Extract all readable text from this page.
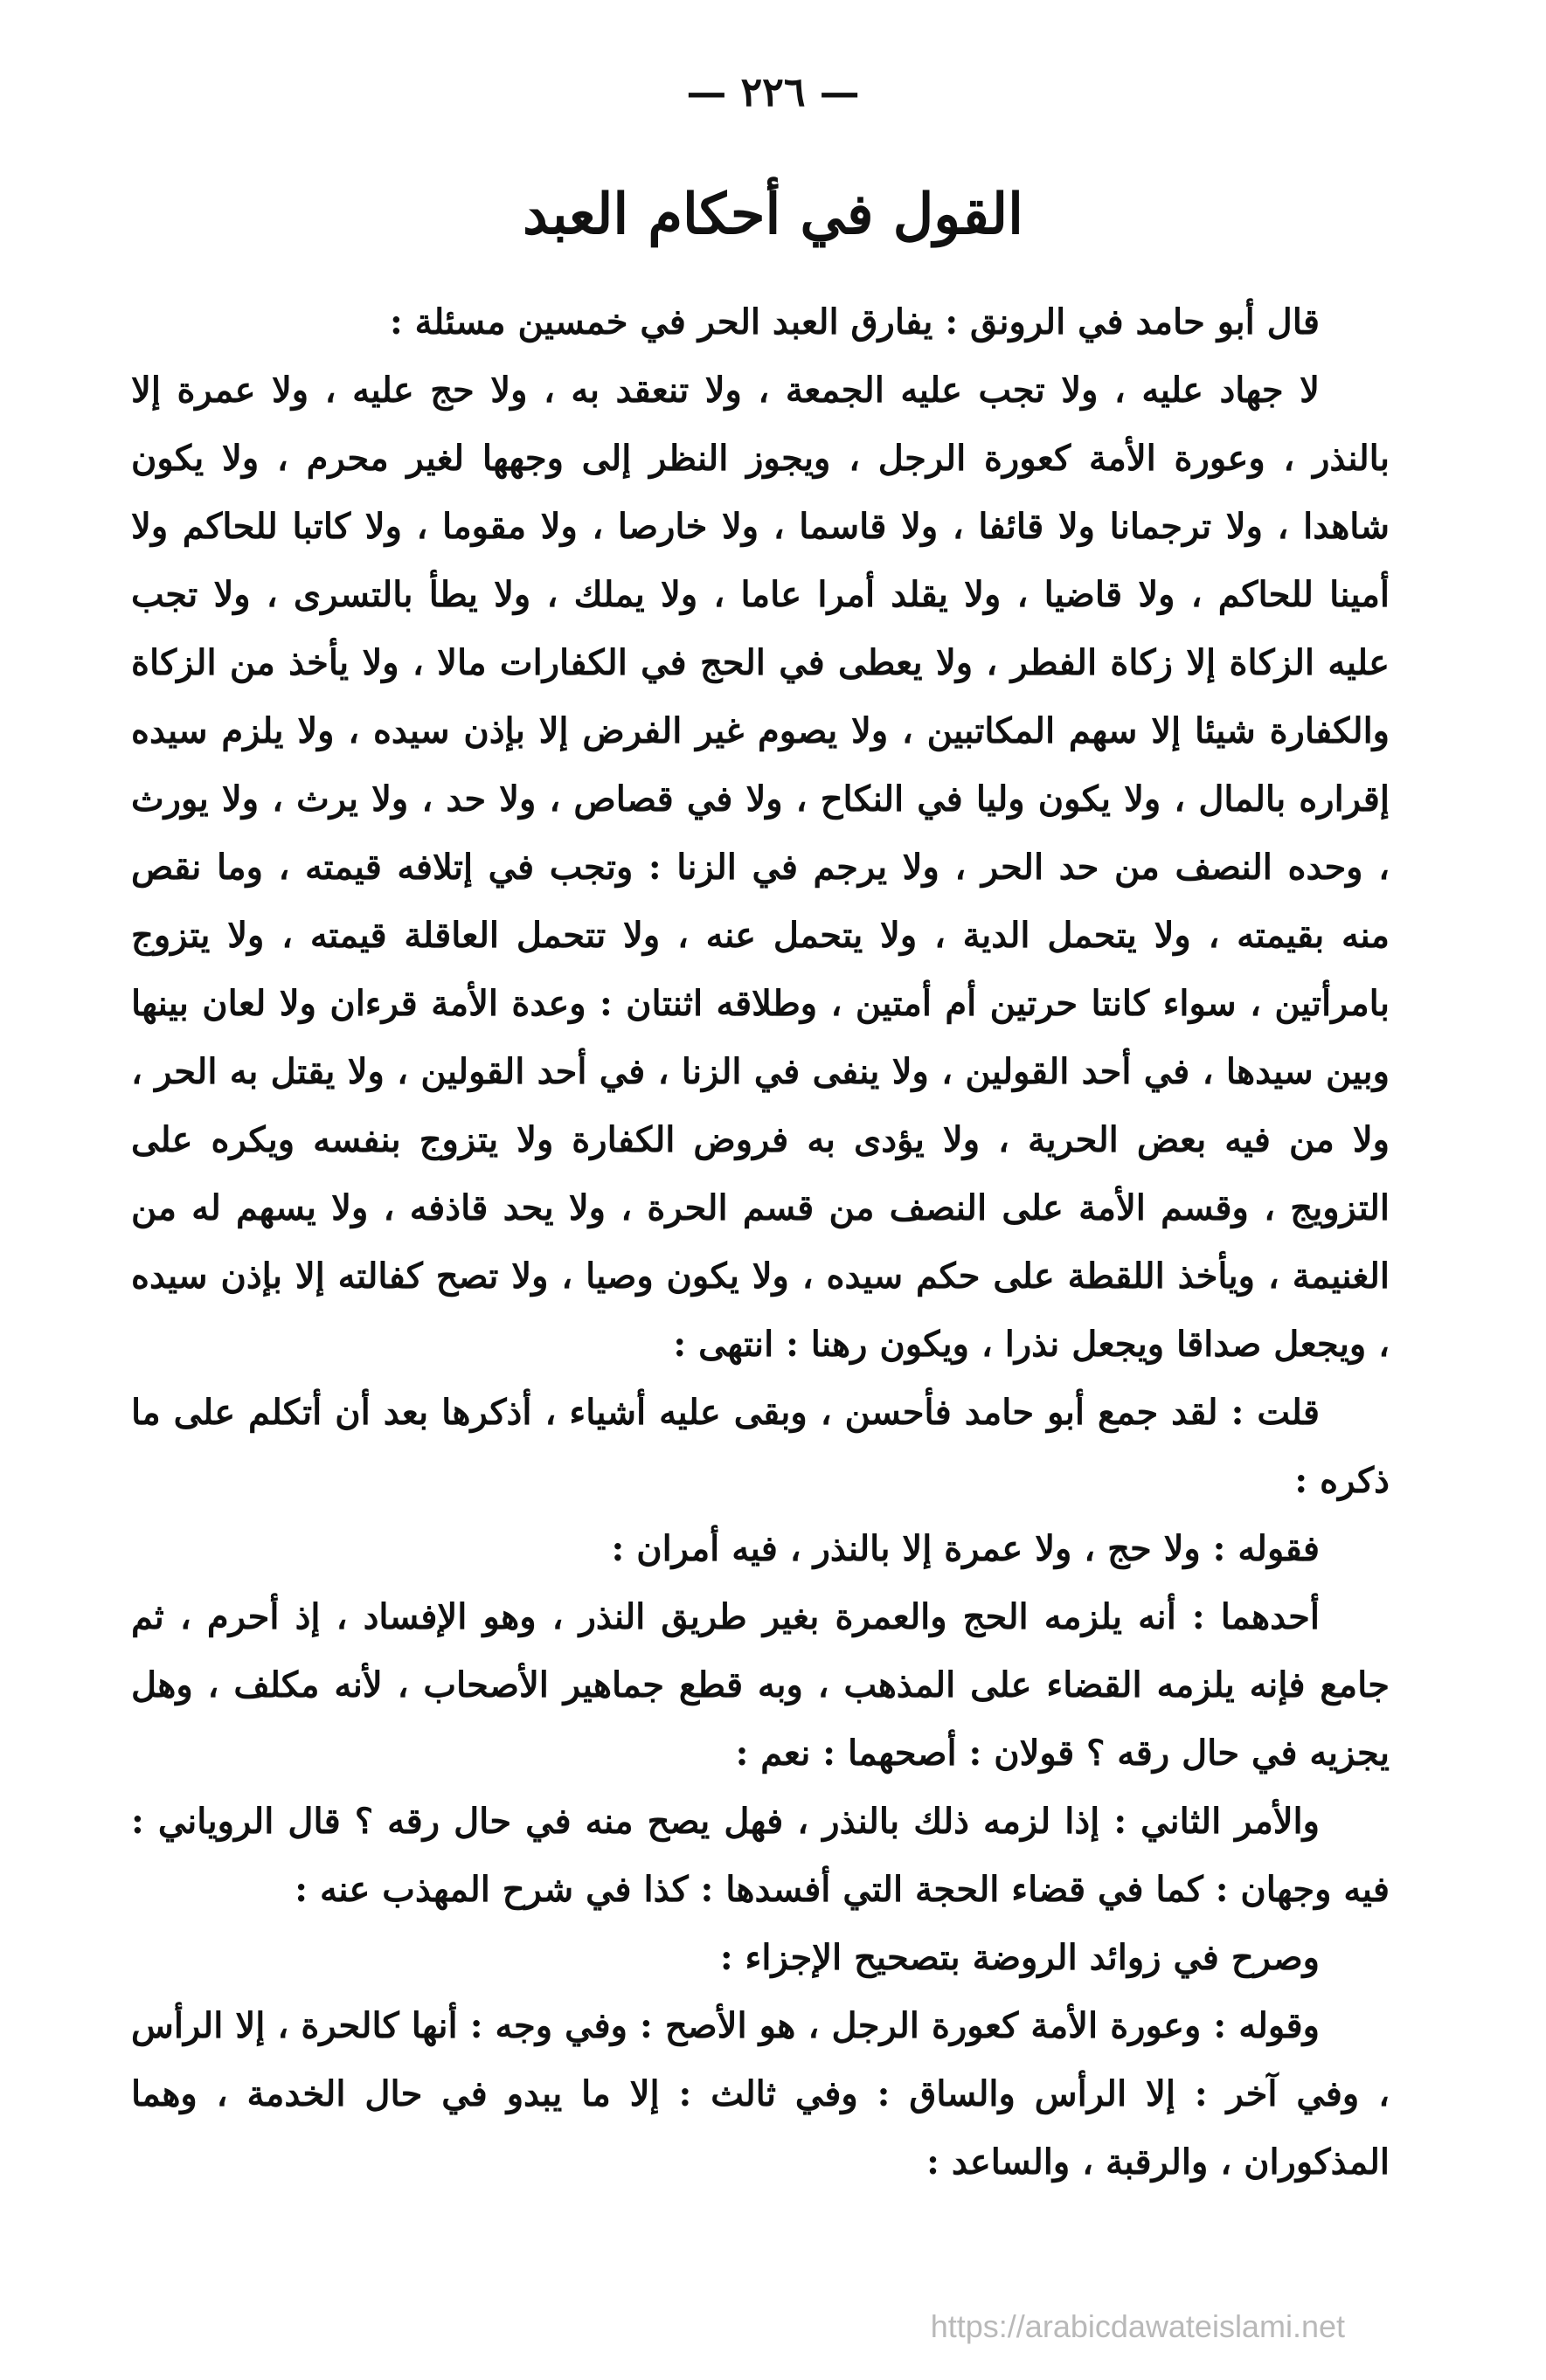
— ٢٢٦ —
القول في أحكام العبد

قال أبو حامد في الرونق : يفارق العبد الحر في خمسين مسئلة :

لا جهاد عليه ، ولا تجب عليه الجمعة ، ولا تنعقد به ، ولا حج عليه ، ولا عمرة إلا بالنذر ، وعورة الأمة كعورة الرجل ، ويجوز النظر إلى وجهها لغير محرم ، ولا يكون شاهدا ، ولا ترجمانا ولا قائفا ، ولا قاسما ، ولا خارصا ، ولا مقوما ، ولا كاتبا للحاكم ولا أمينا للحاكم ، ولا قاضيا ، ولا يقلد أمرا عاما ، ولا يملك ، ولا يطأ بالتسرى ، ولا تجب عليه الزكاة إلا زكاة الفطر ، ولا يعطى في الحج في الكفارات مالا ، ولا يأخذ من الزكاة والكفارة شيئا إلا سهم المكاتبين ، ولا يصوم غير الفرض إلا بإذن سيده ، ولا يلزم سيده إقراره بالمال ، ولا يكون وليا في النكاح ، ولا في قصاص ، ولا حد ، ولا يرث ، ولا يورث ، وحده النصف من حد الحر ، ولا يرجم في الزنا : وتجب في إتلافه قيمته ، وما نقص منه بقيمته ، ولا يتحمل الدية ، ولا يتحمل عنه ، ولا تتحمل العاقلة قيمته ، ولا يتزوج بامرأتين ، سواء كانتا حرتين أم أمتين ، وطلاقه اثنتان : وعدة الأمة قرءان ولا لعان بينها وبين سيدها ، في أحد القولين ، ولا ينفى في الزنا ، في أحد القولين ، ولا يقتل به الحر ، ولا من فيه بعض الحرية ، ولا يؤدى به فروض الكفارة ولا يتزوج بنفسه ويكره على التزويج ، وقسم الأمة على النصف من قسم الحرة ، ولا يحد قاذفه ، ولا يسهم له من الغنيمة ، ويأخذ اللقطة على حكم سيده ، ولا يكون وصيا ، ولا تصح كفالته إلا بإذن سيده ، ويجعل صداقا ويجعل نذرا ، ويكون رهنا : انتهى :

قلت : لقد جمع أبو حامد فأحسن ، وبقى عليه أشياء ، أذكرها بعد أن أتكلم على ما ذكره :

فقوله : ولا حج ، ولا عمرة إلا بالنذر ، فيه أمران :

أحدهما : أنه يلزمه الحج والعمرة بغير طريق النذر ، وهو الإفساد ، إذ أحرم ، ثم جامع فإنه يلزمه القضاء على المذهب ، وبه قطع جماهير الأصحاب ، لأنه مكلف ، وهل يجزيه في حال رقه ؟ قولان : أصحهما : نعم :

والأمر الثاني : إذا لزمه ذلك بالنذر ، فهل يصح منه في حال رقه ؟ قال الروياني : فيه وجهان : كما في قضاء الحجة التي أفسدها : كذا في شرح المهذب عنه :

وصرح في زوائد الروضة بتصحيح الإجزاء :

وقوله : وعورة الأمة كعورة الرجل ، هو الأصح : وفي وجه : أنها كالحرة ، إلا الرأس ، وفي آخر : إلا الرأس والساق : وفي ثالث : إلا ما يبدو في حال الخدمة ، وهما المذكوران ، والرقبة ، والساعد :

https://arabicdawateislami.net
